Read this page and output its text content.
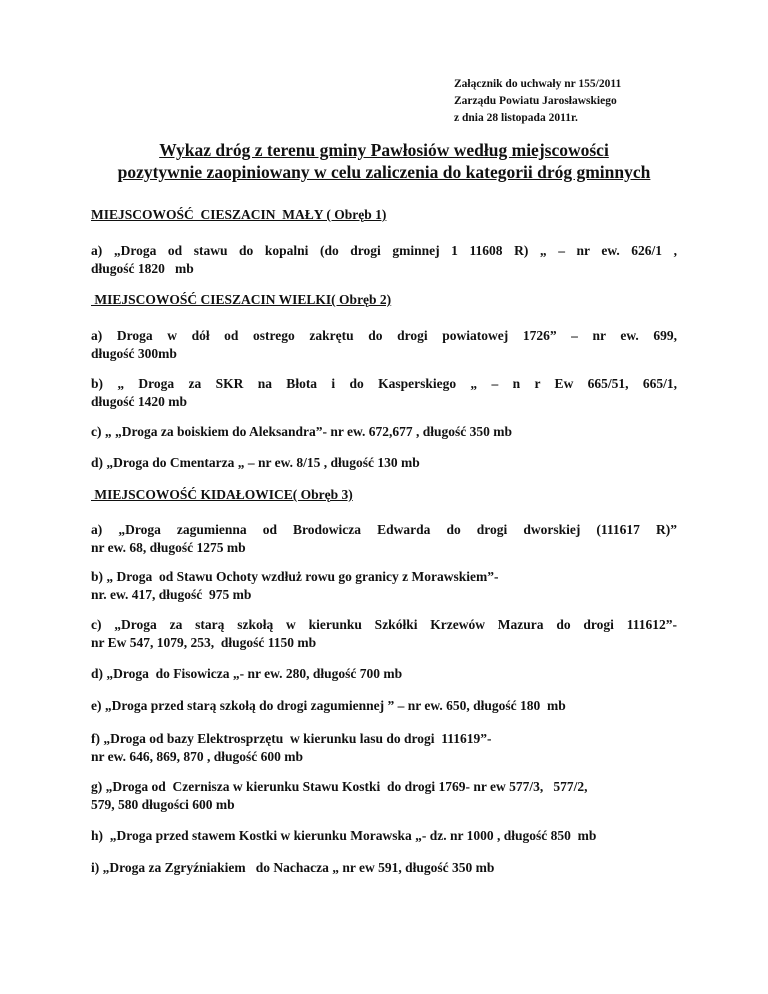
Załącznik do uchwały nr 155/2011
Zarządu Powiatu Jarosławskiego
z dnia 28 listopada 2011r.
Wykaz dróg z terenu gminy Pawłosiów według miejscowości
pozytywnie zaopiniowany w celu zaliczenia do kategorii dróg gminnych
MIEJSCOWOŚĆ  CIESZACIN  MAŁY ( Obręb 1)
a) „Droga od stawu do kopalni (do drogi gminnej 1 11608 R) „ – nr ew. 626/1 ,
długość 1820   mb
MIEJSCOWOŚĆ CIESZACIN WIELKI( Obręb 2)
a) Droga w dół od ostrego zakrętu do drogi powiatowej 1726” – nr ew. 699,
długość 300mb
b) „ Droga za SKR na Błota i do Kasperskiego „ – n r Ew 665/51, 665/1,
długość 1420 mb
c) „ „Droga za boiskiem do Aleksandra”- nr ew. 672,677 , długość 350 mb
d) „Droga do Cmentarza „ – nr ew. 8/15 , długość 130 mb
MIEJSCOWOŚĆ KIDAŁOWICE( Obręb 3)
a) „Droga zagumienna od Brodowicza Edwarda do drogi dworskiej (111617 R)”
nr ew. 68, długość 1275 mb
b) „ Droga  od Stawu Ochoty wzdłuż rowu go granicy z Morawskiem”-
nr. ew. 417, długość  975 mb
c) „Droga za starą szkołą w kierunku Szkółki Krzewów Mazura do drogi 111612”-
nr Ew 547, 1079, 253,  długość 1150 mb
d) „Droga  do Fisowicza „- nr ew. 280, długość 700 mb
e) „Droga przed starą szkołą do drogi zagumiennej ” – nr ew. 650, długość 180  mb
f) „Droga od bazy Elektrosprzętu  w kierunku lasu do drogi  111619”-
nr ew. 646, 869, 870 , długość 600 mb
g) „Droga od  Czernisza w kierunku Stawu Kostki  do drogi 1769- nr ew 577/3,   577/2,
579, 580 długości 600 mb
h)  „Droga przed stawem Kostki w kierunku Morawska „- dz. nr 1000 , długość 850  mb
i) „Droga za Zgryźniakiem   do Nachacza „ nr ew 591, długość 350 mb
